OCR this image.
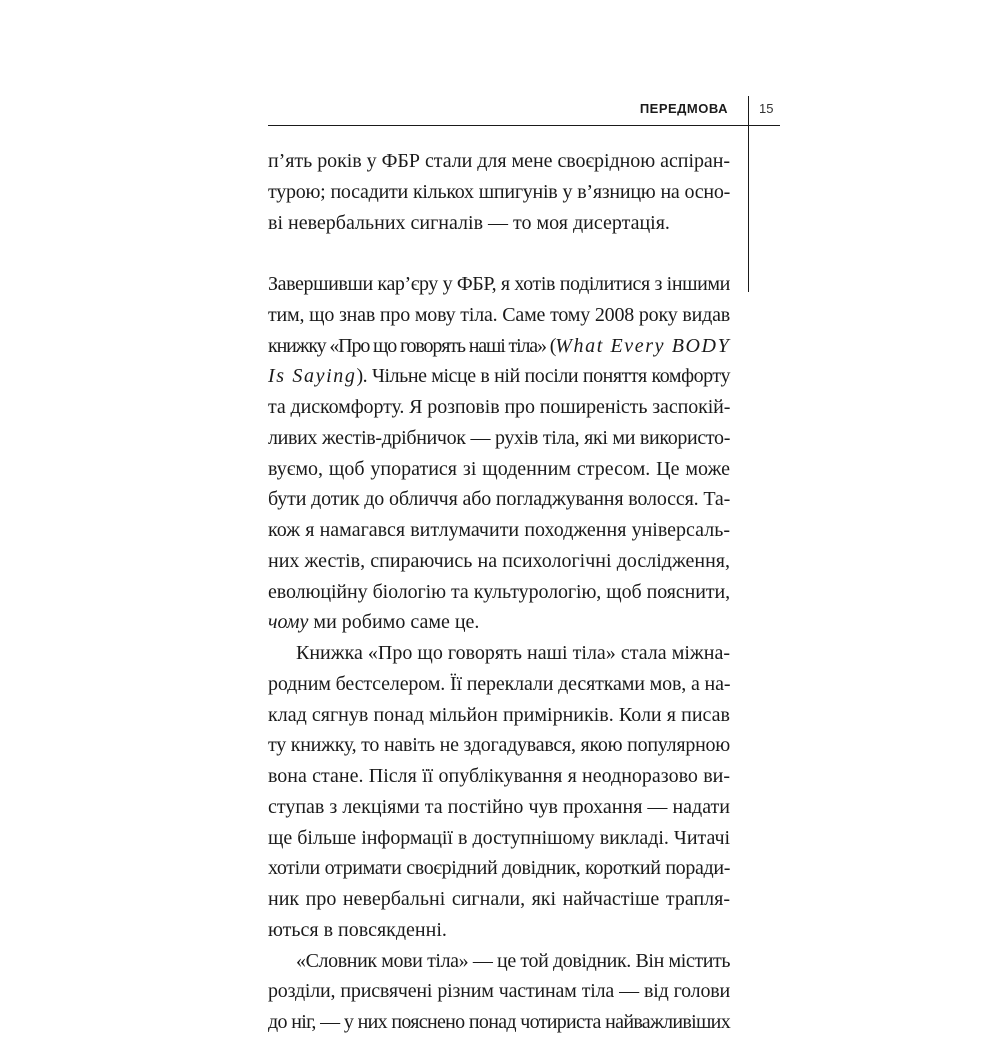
ПЕРЕДМОВА 15
п’ять років у ФБР стали для мене своєрідною аспіран-
турою; посадити кількох шпигунів у в’язницю на осно-
ві невербальних сигналів — то моя дисертація.
Завершивши кар’єру у ФБР, я хотів поділитися з іншими
тим, що знав про мову тіла. Саме тому 2008 року видав
книжку «Про що говорять наші тіла» (What Every BODY
Is Saying). Чільне місце в ній посіли поняття комфорту
та дискомфорту. Я розповів про поширеність заспокій-
ливих жестів-дрібничок — рухів тіла, які ми використо-
вуємо, щоб упоратися зі щоденним стресом. Це може
бути дотик до обличчя або погладжування волосся. Та-
кож я намагався витлумачити походження універсаль-
них жестів, спираючись на психологічні дослідження,
еволюційну біологію та культурологію, щоб пояснити,
чому ми робимо саме це.
Книжка «Про що говорять наші тіла» стала міжна-
родним бестселером. Її переклали десятками мов, а на-
клад сягнув понад мільйон примірників. Коли я писав
ту книжку, то навіть не здогадувався, якою популярною
вона стане. Після її опублікування я неодноразово ви-
ступав з лекціями та постійно чув прохання — надати
ще більше інформації в доступнішому викладі. Читачі
хотіли отримати своєрідний довідник, короткий поради-
ник про невербальні сигнали, які найчастіше трапля-
ються в повсякденні.
«Словник мови тіла» — це той довідник. Він містить
розділи, присвячені різним частинам тіла — від голови
до ніг, — у них пояснено понад чотириста найважливіших
